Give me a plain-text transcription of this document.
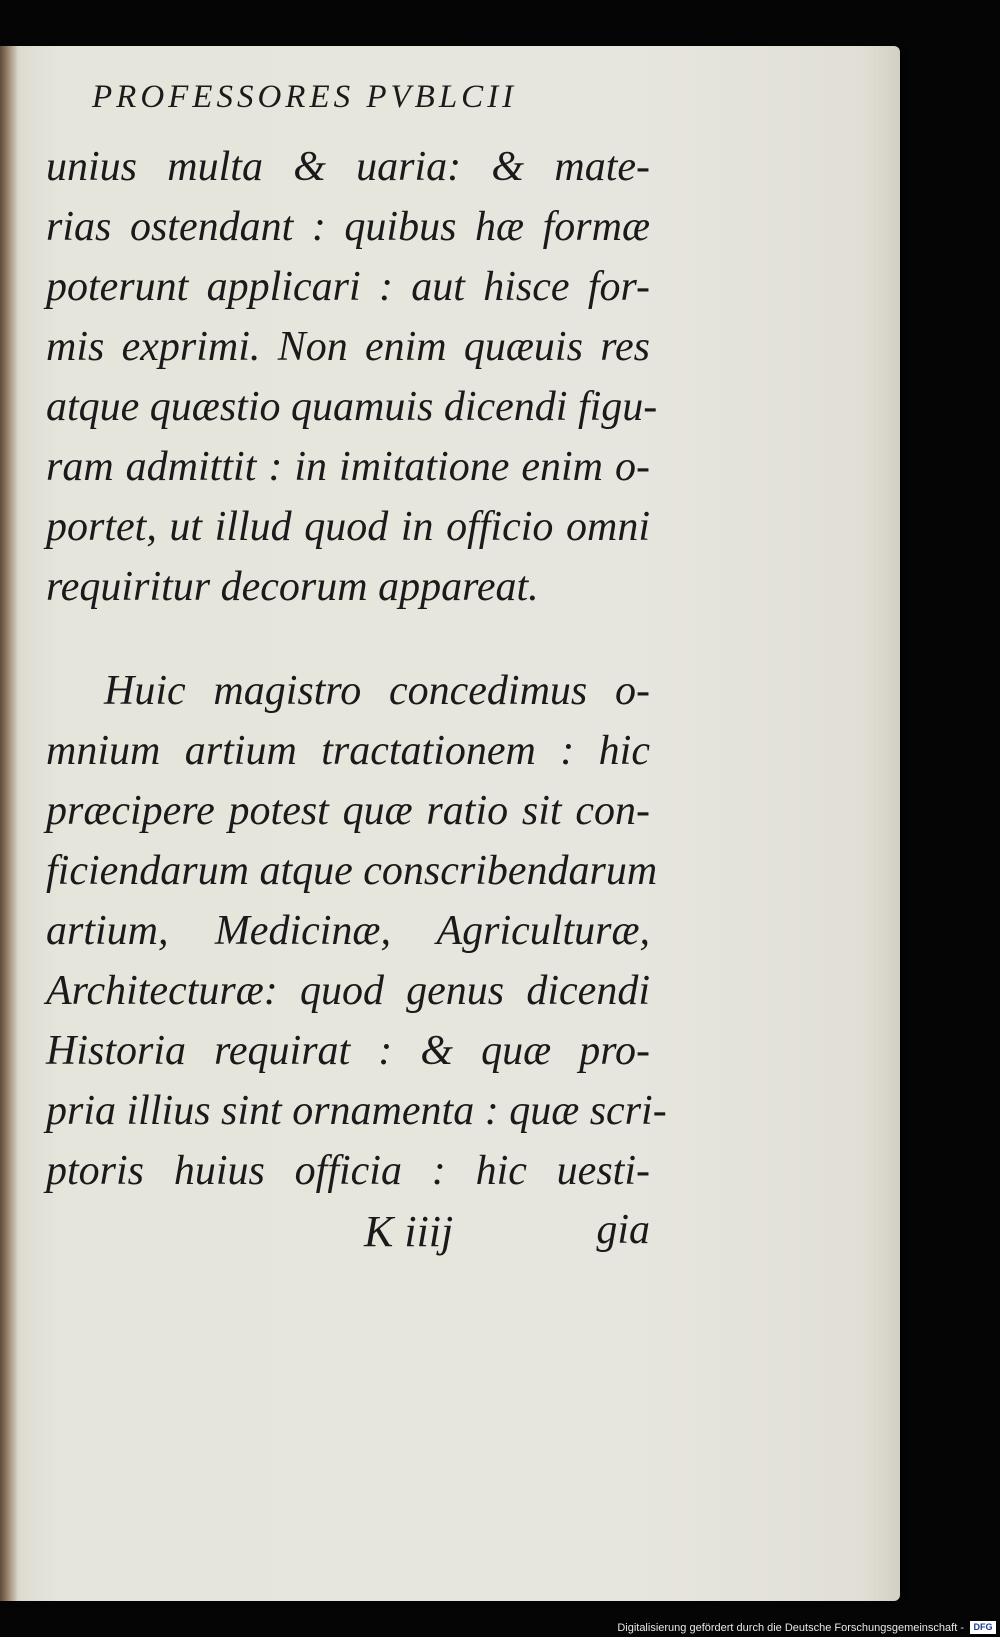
PROFESSORES PVBLCII
unius multa & uaria: & mate-
rias ostendant : quibus hæ formæ
poterunt applicari : aut hisce for-
mis exprimi. Non enim quæuis res
atque quæstio quamuis dicendi figu-
ram admittit : in imitatione enim o-
portet, ut illud quod in officio omni
requiritur decorum appareat.
Huic magistro concedimus o-
mnium artium tractationem : hic
præcipere potest quæ ratio sit con-
ficiendarum atque conscribendarum
artium, Medicinæ, Agriculturæ,
Architecturæ: quod genus dicendi
Historia requirat : & quæ pro-
pria illius sint ornamenta : quæ scri-
ptoris huius officia : hic uesti-
K iiij	gia
Digitalisierung gefördert durch die Deutsche Forschungsgemeinschaft -	DFG
